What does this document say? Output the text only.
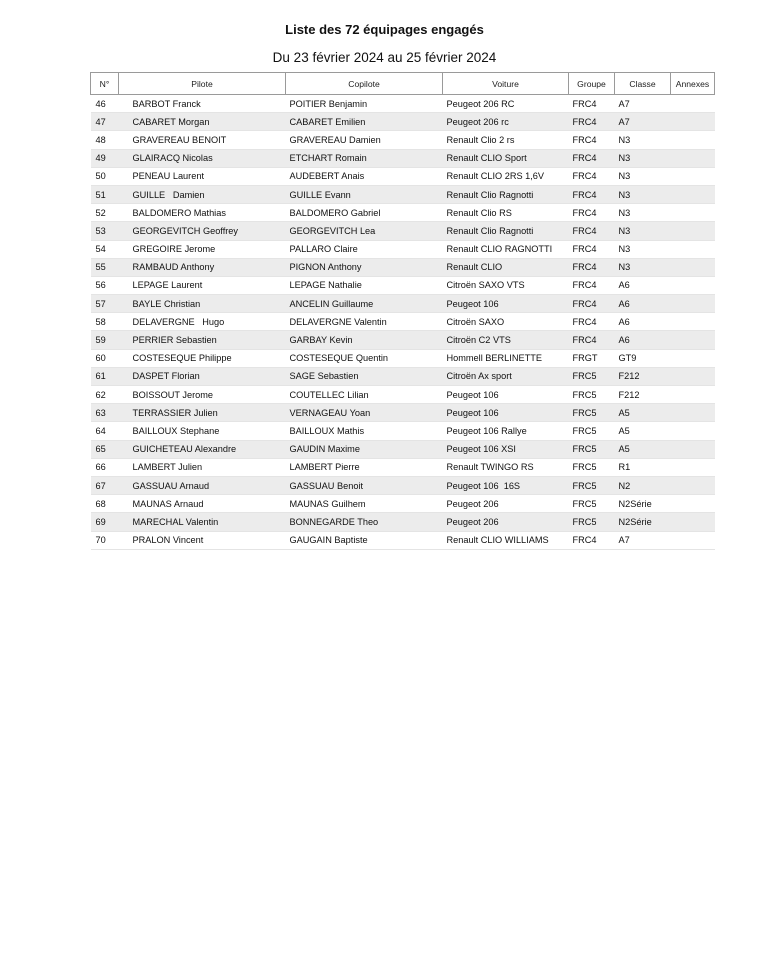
Liste des 72 équipages engagés
Du 23 février 2024 au 25 février 2024
N°	Pilote	Copilote	Voiture	Groupe	Classe	Annexes
46	BARBOT Franck	POITIER Benjamin	Peugeot 206 RC	FRC4	A7	
47	CABARET Morgan	CABARET Emilien	Peugeot 206 rc	FRC4	A7	
48	GRAVEREAU BENOIT	GRAVEREAU Damien	Renault Clio 2 rs	FRC4	N3	
49	GLAIRACQ Nicolas	ETCHART Romain	Renault CLIO Sport	FRC4	N3	
50	PENEAU Laurent	AUDEBERT Anais	Renault CLIO 2RS 1,6V	FRC4	N3	
51	GUILLE   Damien	GUILLE Evann	Renault Clio Ragnotti	FRC4	N3	
52	BALDOMERO Mathias	BALDOMERO Gabriel	Renault Clio RS	FRC4	N3	
53	GEORGEVITCH Geoffrey	GEORGEVITCH Lea	Renault Clio Ragnotti	FRC4	N3	
54	GREGOIRE Jerome	PALLARO Claire	Renault CLIO RAGNOTTI	FRC4	N3	
55	RAMBAUD Anthony	PIGNON Anthony	Renault CLIO	FRC4	N3	
56	LEPAGE Laurent	LEPAGE Nathalie	Citroën SAXO VTS	FRC4	A6	
57	BAYLE Christian	ANCELIN Guillaume	Peugeot 106	FRC4	A6	
58	DELAVERGNE   Hugo	DELAVERGNE Valentin	Citroën SAXO	FRC4	A6	
59	PERRIER Sebastien	GARBAY Kevin	Citroën C2 VTS	FRC4	A6	
60	COSTESEQUE Philippe	COSTESEQUE Quentin	Hommell BERLINETTE	FRGT	GT9	
61	DASPET Florian	SAGE Sebastien	Citroën Ax sport	FRC5	F212	
62	BOISSOUT Jerome	COUTELLEC Lilian	Peugeot 106	FRC5	F212	
63	TERRASSIER Julien	VERNAGEAU Yoan	Peugeot 106	FRC5	A5	
64	BAILLOUX Stephane	BAILLOUX Mathis	Peugeot 106 Rallye	FRC5	A5	
65	GUICHETEAU Alexandre	GAUDIN Maxime	Peugeot 106 XSI	FRC5	A5	
66	LAMBERT Julien	LAMBERT Pierre	Renault TWINGO RS	FRC5	R1	
67	GASSUAU Arnaud	GASSUAU Benoit	Peugeot 106  16S	FRC5	N2	
68	MAUNAS Arnaud	MAUNAS Guilhem	Peugeot 206	FRC5	N2Série	
69	MARECHAL Valentin	BONNEGARDE Theo	Peugeot 206	FRC5	N2Série	
70	PRALON Vincent	GAUGAIN Baptiste	Renault CLIO WILLIAMS	FRC4	A7	
